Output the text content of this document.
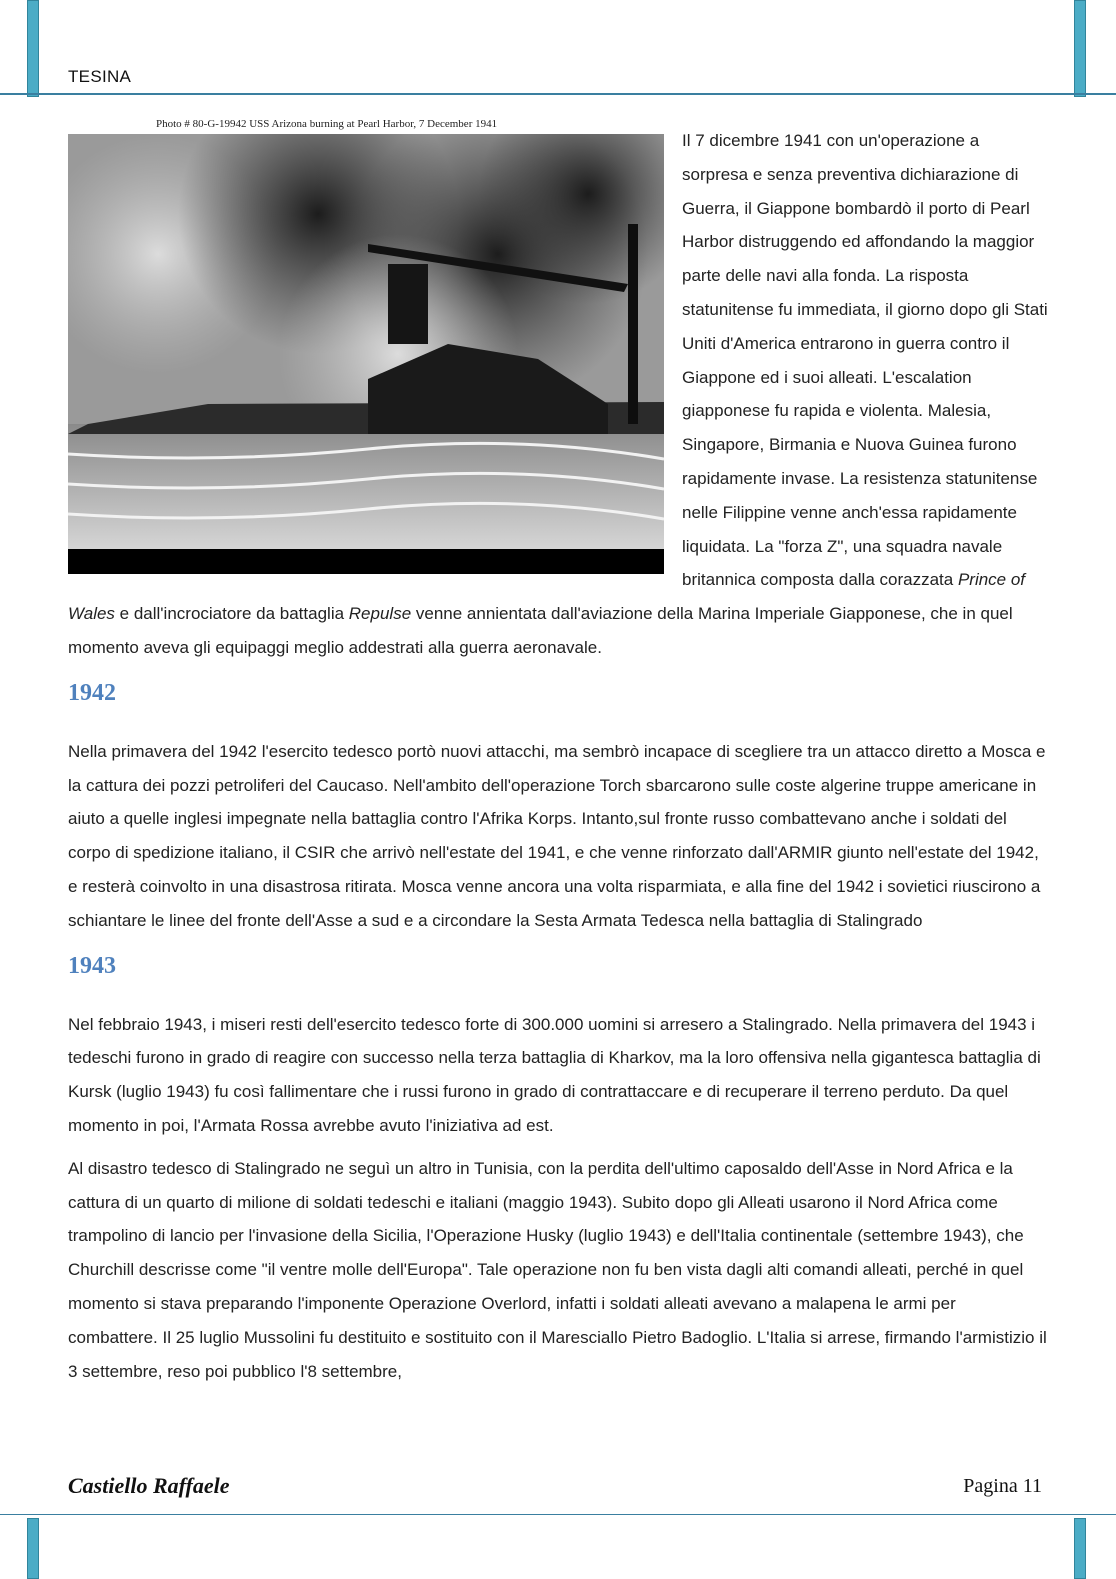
TESINA
Photo # 80-G-19942 USS Arizona burning at Pearl Harbor, 7 December 1941

Il 7 dicembre 1941 con un'operazione a sorpresa e senza preventiva dichiarazione di Guerra, il Giappone bombardò il porto di Pearl Harbor distruggendo ed affondando la maggior parte delle navi alla fonda. La risposta statunitense fu immediata, il giorno dopo gli Stati Uniti d'America entrarono in guerra contro il Giappone ed i suoi alleati. L'escalation giapponese fu rapida e violenta. Malesia, Singapore, Birmania e Nuova Guinea furono rapidamente invase. La resistenza statunitense nelle Filippine venne anch'essa rapidamente liquidata. La "forza Z", una squadra navale britannica composta dalla corazzata Prince of Wales e dall'incrociatore da battaglia Repulse venne annientata dall'aviazione della Marina Imperiale Giapponese, che in quel momento aveva gli equipaggi meglio addestrati alla guerra aeronavale.

1942

Nella primavera del 1942 l'esercito tedesco portò nuovi attacchi, ma sembrò incapace di scegliere tra un attacco diretto a Mosca e la cattura dei pozzi petroliferi del Caucaso. Nell'ambito dell'operazione Torch sbarcarono sulle coste algerine truppe americane in aiuto a quelle inglesi impegnate nella battaglia contro l'Afrika Korps. Intanto,sul fronte russo combattevano anche i soldati del corpo di spedizione italiano, il CSIR che arrivò nell'estate del 1941, e che venne rinforzato dall'ARMIR giunto nell'estate del 1942, e resterà coinvolto in una disastrosa ritirata. Mosca venne ancora una volta risparmiata, e alla fine del 1942 i sovietici riuscirono a schiantare le linee del fronte dell'Asse a sud e a circondare la Sesta Armata Tedesca nella battaglia di Stalingrado

1943

Nel febbraio 1943, i miseri resti dell'esercito tedesco forte di 300.000 uomini si arresero a Stalingrado. Nella primavera del 1943 i tedeschi furono in grado di reagire con successo nella terza battaglia di Kharkov, ma la loro offensiva nella gigantesca battaglia di Kursk (luglio 1943) fu così fallimentare che i russi furono in grado di contrattaccare e di recuperare il terreno perduto. Da quel momento in poi, l'Armata Rossa avrebbe avuto l'iniziativa ad est.

Al disastro tedesco di Stalingrado ne seguì un altro in Tunisia, con la perdita dell'ultimo caposaldo dell'Asse in Nord Africa e la cattura di un quarto di milione di soldati tedeschi e italiani (maggio 1943). Subito dopo gli Alleati usarono il Nord Africa come trampolino di lancio per l'invasione della Sicilia, l'Operazione Husky (luglio 1943) e dell'Italia continentale (settembre 1943), che Churchill descrisse come "il ventre molle dell'Europa". Tale operazione non fu ben vista dagli alti comandi alleati, perché in quel momento si stava preparando l'imponente Operazione Overlord, infatti i soldati alleati avevano a malapena le armi per combattere. Il 25 luglio Mussolini fu destituito e sostituito con il Maresciallo Pietro Badoglio. L'Italia si arrese, firmando l'armistizio il 3 settembre, reso poi pubblico l'8 settembre,

Castiello Raffaele	Pagina 11
